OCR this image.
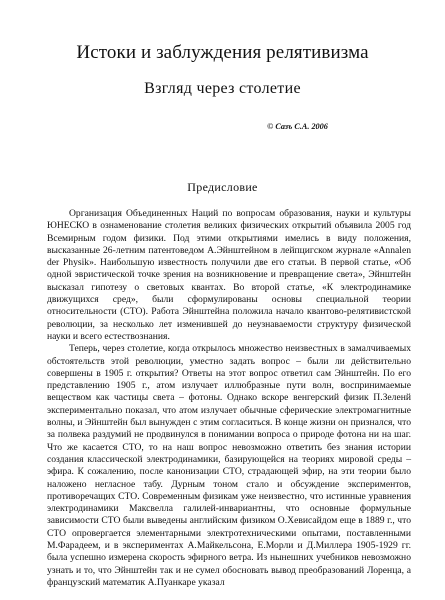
Истоки и заблуждения релятивизма
Взгляд через столетие
© Сазъ С.А. 2006
Предисловие

Организация Объединенных Наций по вопросам образования, науки и культуры ЮНЕСКО в ознаменование столетия великих физических открытий объявила 2005 год Всемирным годом физики. Под этими открытиями имелись в виду положения, высказанные 26-летним патентоведом А.Эйнштейном в лейпцигском журнале «Annalen der Physik». Наибольшую известность получили две его статьи. В первой статье, «Об одной эвристической точке зрения на возникновение и превращение света», Эйнштейн высказал гипотезу о световых квантах. Во второй статье, «К электродинамике движущихся сред», были сформулированы основы специальной теории относительности (СТО). Работа Эйнштейна положила начало квантово-релятивистской революции, за несколько лет изменившей до неузнаваемости структуру физической науки и всего естествознания.

Теперь, через столетие, когда открылось множество неизвестных в замалчиваемых обстоятельств этой революции, уместно задать вопрос – были ли действительно совершены в 1905 г. открытия? Ответы на этот вопрос ответил сам Эйнштейн. По его представлению 1905 г., атом излучает иллюбразные пути волн, воспринимаемые веществом как частицы света – фотоны. Однако вскоре венгерский физик П.Зеленй экспериментально показал, что атом излучает обычные сферические электромагнитные волны, и Эйнштейн был вынужден с этим согласиться. В конце жизни он признался, что за полвека раздумий не продвинулся в понимании вопроса о природе фотона ни на шаг. Что же касается СТО, то на наш вопрос невозможно ответить без знания истории создания классической электродинамики, базирующейся на теориях мировой среды – эфира. К сожалению, после канонизации СТО, страдающей эфир, на эти теории было наложено негласное табу. Дурным тоном стало и обсуждение экспериментов, противоречащих СТО. Современным физикам уже неизвестно, что истинные уравнения электродинамики Максвелла галилей-инвариантны, что основные формульные зависимости СТО были выведены английским физиком О.Хевисайдом еще в 1889 г., что СТО опровергается элементарными электротехническими опытами, поставленными М.Фарадеем, и в экспериментах А.Майкельсона, Е.Морли и Д.Миллера 1905-1929 гг. была успешно измерена скорость эфирного ветра. Из нынешних учебников невозможно узнать и то, что Эйнштейн так и не сумел обосновать вывод преобразований Лоренца, а французский математик А.Пуанкаре указал
